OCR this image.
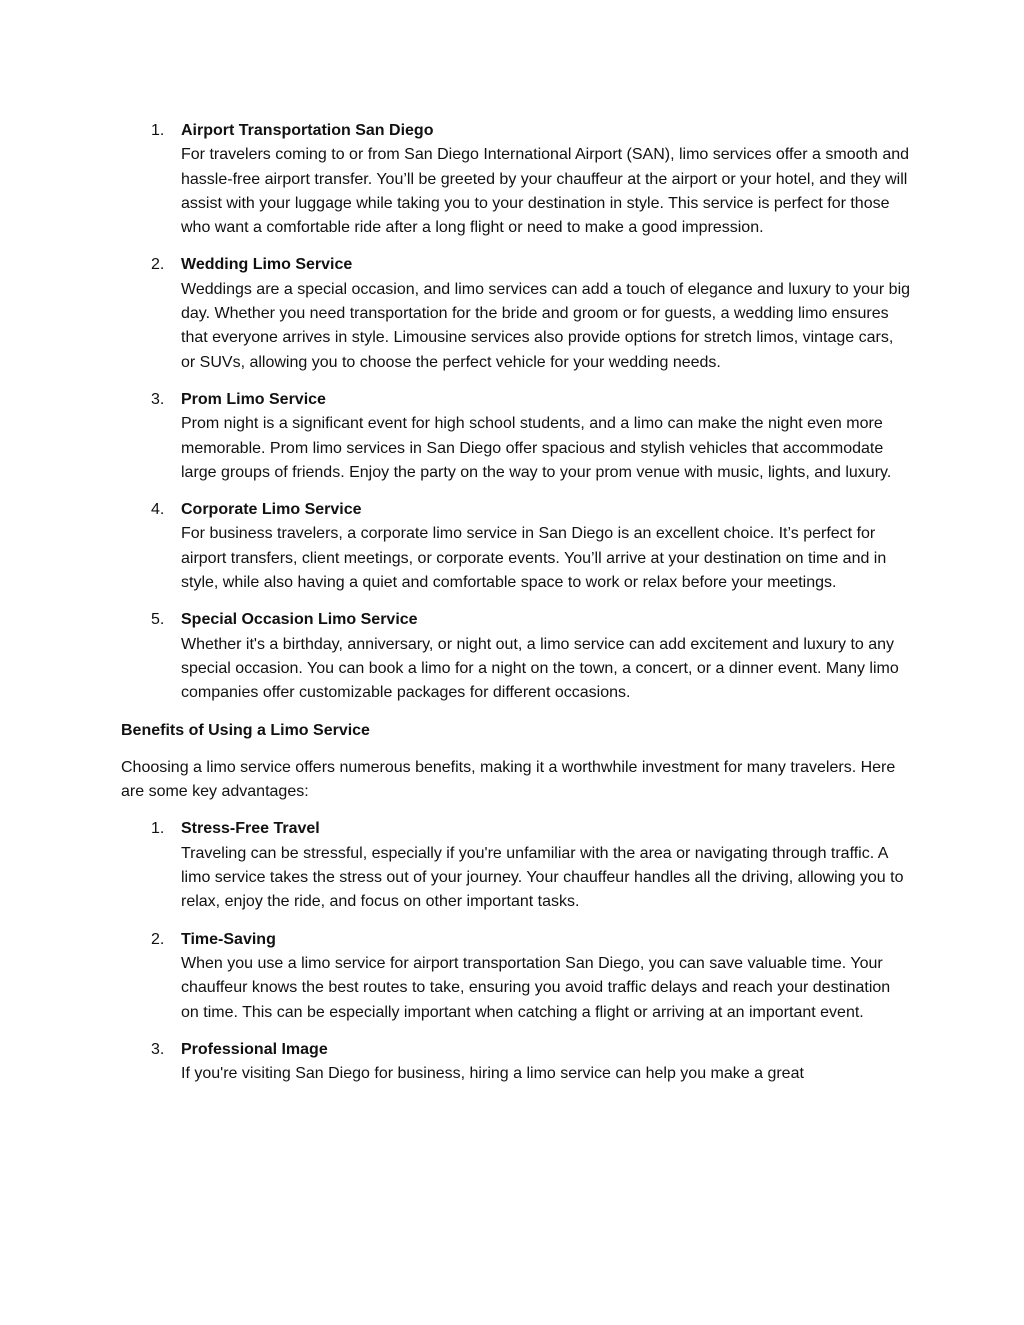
1. Airport Transportation San Diego
For travelers coming to or from San Diego International Airport (SAN), limo services offer a smooth and hassle-free airport transfer. You’ll be greeted by your chauffeur at the airport or your hotel, and they will assist with your luggage while taking you to your destination in style. This service is perfect for those who want a comfortable ride after a long flight or need to make a good impression.
2. Wedding Limo Service
Weddings are a special occasion, and limo services can add a touch of elegance and luxury to your big day. Whether you need transportation for the bride and groom or for guests, a wedding limo ensures that everyone arrives in style. Limousine services also provide options for stretch limos, vintage cars, or SUVs, allowing you to choose the perfect vehicle for your wedding needs.
3. Prom Limo Service
Prom night is a significant event for high school students, and a limo can make the night even more memorable. Prom limo services in San Diego offer spacious and stylish vehicles that accommodate large groups of friends. Enjoy the party on the way to your prom venue with music, lights, and luxury.
4. Corporate Limo Service
For business travelers, a corporate limo service in San Diego is an excellent choice. It’s perfect for airport transfers, client meetings, or corporate events. You’ll arrive at your destination on time and in style, while also having a quiet and comfortable space to work or relax before your meetings.
5. Special Occasion Limo Service
Whether it's a birthday, anniversary, or night out, a limo service can add excitement and luxury to any special occasion. You can book a limo for a night on the town, a concert, or a dinner event. Many limo companies offer customizable packages for different occasions.

Benefits of Using a Limo Service

Choosing a limo service offers numerous benefits, making it a worthwhile investment for many travelers. Here are some key advantages:

1. Stress-Free Travel
Traveling can be stressful, especially if you're unfamiliar with the area or navigating through traffic. A limo service takes the stress out of your journey. Your chauffeur handles all the driving, allowing you to relax, enjoy the ride, and focus on other important tasks.
2. Time-Saving
When you use a limo service for airport transportation San Diego, you can save valuable time. Your chauffeur knows the best routes to take, ensuring you avoid traffic delays and reach your destination on time. This can be especially important when catching a flight or arriving at an important event.
3. Professional Image
If you're visiting San Diego for business, hiring a limo service can help you make a great
